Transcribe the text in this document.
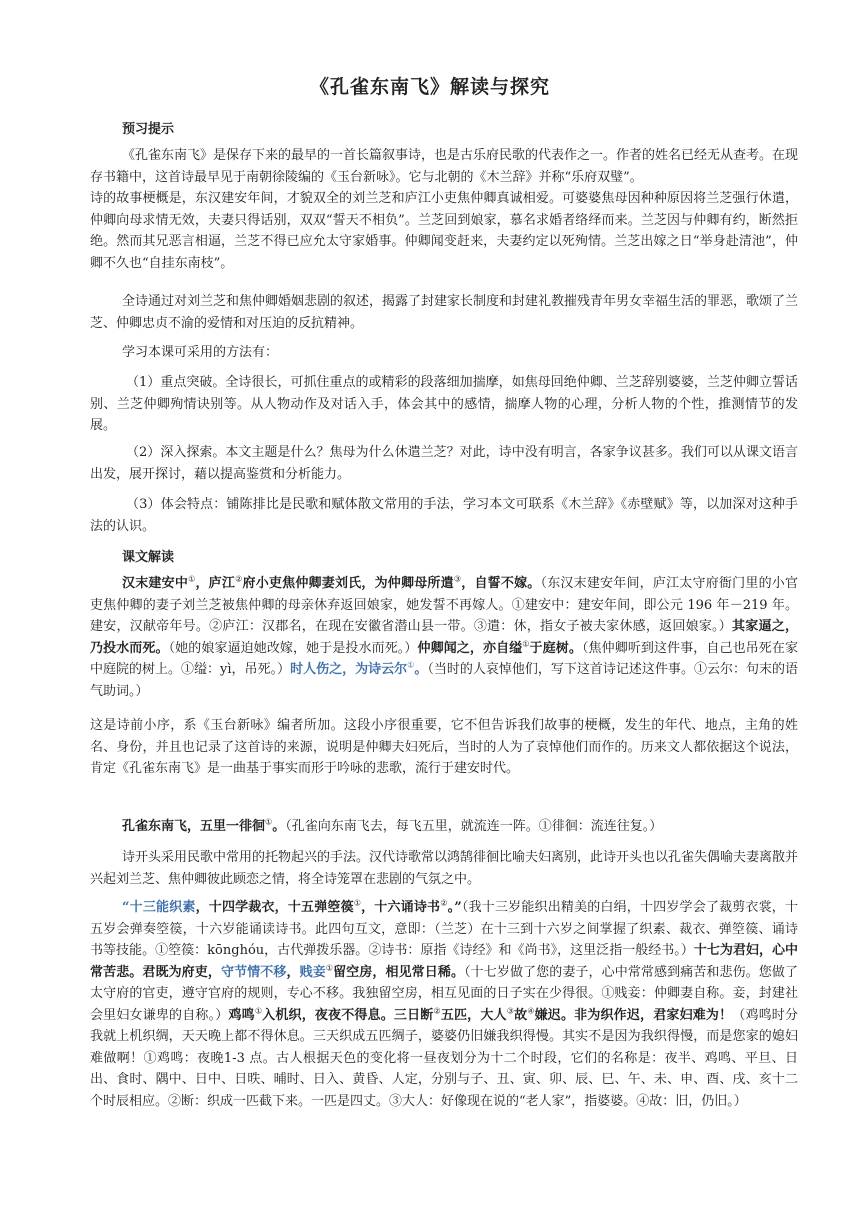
《孔雀东南飞》解读与探究

预习提示

《孔雀东南飞》是保存下来的最早的一首长篇叙事诗，也是古乐府民歌的代表作之一。作者的姓名已经无从查考。在现存书籍中，这首诗最早见于南朝徐陵编的《玉台新咏》。它与北朝的《木兰辞》并称“乐府双璧”。

诗的故事梗概是，东汉建安年间，才貌双全的刘兰芝和庐江小吏焦仲卿真诚相爱。可婆婆焦母因种种原因将兰芝强行休遣，仲卿向母求情无效，夫妻只得话别，双双“誓天不相负”。兰芝回到娘家，慕名求婚者络绎而来。兰芝因与仲卿有约，断然拒绝。然而其兄恶言相逼，兰芝不得已应允太守家婚事。仲卿闻变赶来，夫妻约定以死殉情。兰芝出嫁之日“举身赴清池”，仲卿不久也“自挂东南枝”。

全诗通过对刘兰芝和焦仲卿婚姻悲剧的叙述，揭露了封建家长制度和封建礼教摧残青年男女幸福生活的罪恶，歌颂了兰芝、仲卿忠贞不渝的爱情和对压迫的反抗精神。

学习本课可采用的方法有：

（1）重点突破。全诗很长，可抓住重点的或精彩的段落细加揣摩，如焦母回绝仲卿、兰芝辞别婆婆，兰芝仲卿立誓话别、兰芝仲卿殉情诀别等。从人物动作及对话入手，体会其中的感情，揣摩人物的心理，分析人物的个性，推测情节的发展。

（2）深入探索。本文主题是什么？焦母为什么休遣兰芝？对此，诗中没有明言，各家争议甚多。我们可以从课文语言出发，展开探讨，藉以提高鉴赏和分析能力。

（3）体会特点：铺陈排比是民歌和赋体散文常用的手法，学习本文可联系《木兰辞》《赤壁赋》等，以加深对这种手法的认识。

课文解读

汉末建安中①，庐江②府小吏焦仲卿妻刘氏，为仲卿母所遣③，自誓不嫁。（东汉末建安年间，庐江太守府衙门里的小官吏焦仲卿的妻子刘兰芝被焦仲卿的母亲休弃返回娘家，她发誓不再嫁人。①建安中：建安年间，即公元 196 年－219 年。建安，汉献帝年号。②庐江：汉郡名，在现在安徽省潜山县一带。③遣：休，指女子被夫家休感，返回娘家。）其家逼之，乃投水而死。（她的娘家逼迫她改嫁，她于是投水而死。）仲卿闻之，亦自缢①于庭树。（焦仲卿听到这件事，自己也吊死在家中庭院的树上。①缢：yì，吊死。）时人伤之，为诗云尔①。（当时的人哀悼他们，写下这首诗记述这件事。①云尔：句末的语气助词。）

这是诗前小序，系《玉台新咏》编者所加。这段小序很重要，它不但告诉我们故事的梗概，发生的年代、地点，主角的姓名、身份，并且也记录了这首诗的来源，说明是仲卿夫妇死后，当时的人为了哀悼他们而作的。历来文人都依据这个说法，肯定《孔雀东南飞》是一曲基于事实而形于吟咏的悲歌，流行于建安时代。

孔雀东南飞，五里一徘徊①。（孔雀向东南飞去，每飞五里，就流连一阵。①徘徊：流连往复。）

诗开头采用民歌中常用的托物起兴的手法。汉代诗歌常以鸿鹄徘徊比喻夫妇离别，此诗开头也以孔雀失偶喻夫妻离散并兴起刘兰芝、焦仲卿彼此顾恋之情，将全诗笼罩在悲剧的气氛之中。

“十三能织素，十四学裁衣，十五弹箜篌①，十六诵诗书②。”（我十三岁能织出精美的白绢，十四岁学会了裁剪衣裳，十五岁会弹奏箜篌，十六岁能诵读诗书。此四句互文，意即：（兰芝）在十三到十六岁之间掌握了织素、裁衣、弹箜篌、诵诗书等技能。①箜篌：kōnghóu，古代弹拨乐器。②诗书：原指《诗经》和《尚书》，这里泛指一般经书。）十七为君妇，心中常苦悲。君既为府吏，守节情不移，贱妾①留空房，相见常日稀。（十七岁做了您的妻子，心中常常感到痛苦和悲伤。您做了太守府的官吏，遵守官府的规则，专心不移。我独留空房，相互见面的日子实在少得很。①贱妾：仲卿妻自称。妾，封建社会里妇女谦卑的自称。）鸡鸣①入机织，夜夜不得息。三日断②五匹，大人③故④嫌迟。非为织作迟，君家妇难为！（鸡鸣时分我就上机织绸，天天晚上都不得休息。三天织成五匹绸子，婆婆仍旧嫌我织得慢。其实不是因为我织得慢，而是您家的媳妇难做啊！①鸡鸣：夜晚1-3 点。古人根据天色的变化将一昼夜划分为十二个时段，它们的名称是：夜半、鸡鸣、平旦、日出、食时、隅中、日中、日昳、晡时、日入、黄昏、人定，分别与子、丑、寅、卯、辰、巳、午、未、申、酉、戌、亥十二个时辰相应。②断：织成一匹截下来。一匹是四丈。③大人：好像现在说的“老人家”，指婆婆。④故：旧，仍旧。）
